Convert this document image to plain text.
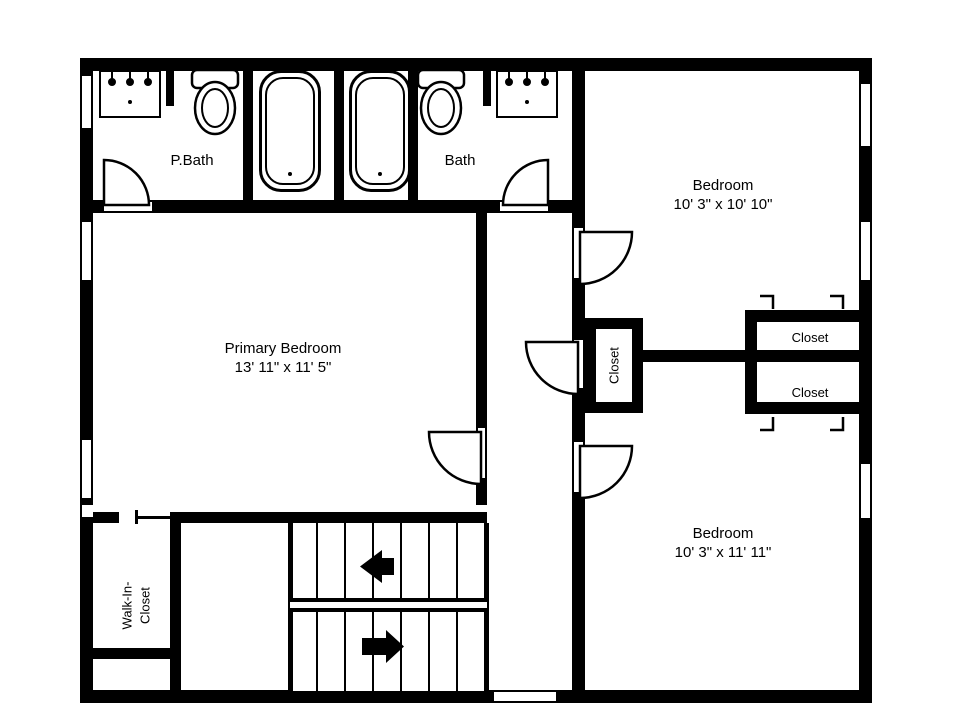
P.Bath	Bath
Primary Bedroom
13' 11" x 11' 5"
Bedroom
10' 3" x 10' 10"
Bedroom
10' 3" x 11' 11"
Closet
Closet
Closet
Walk-In- Closet
